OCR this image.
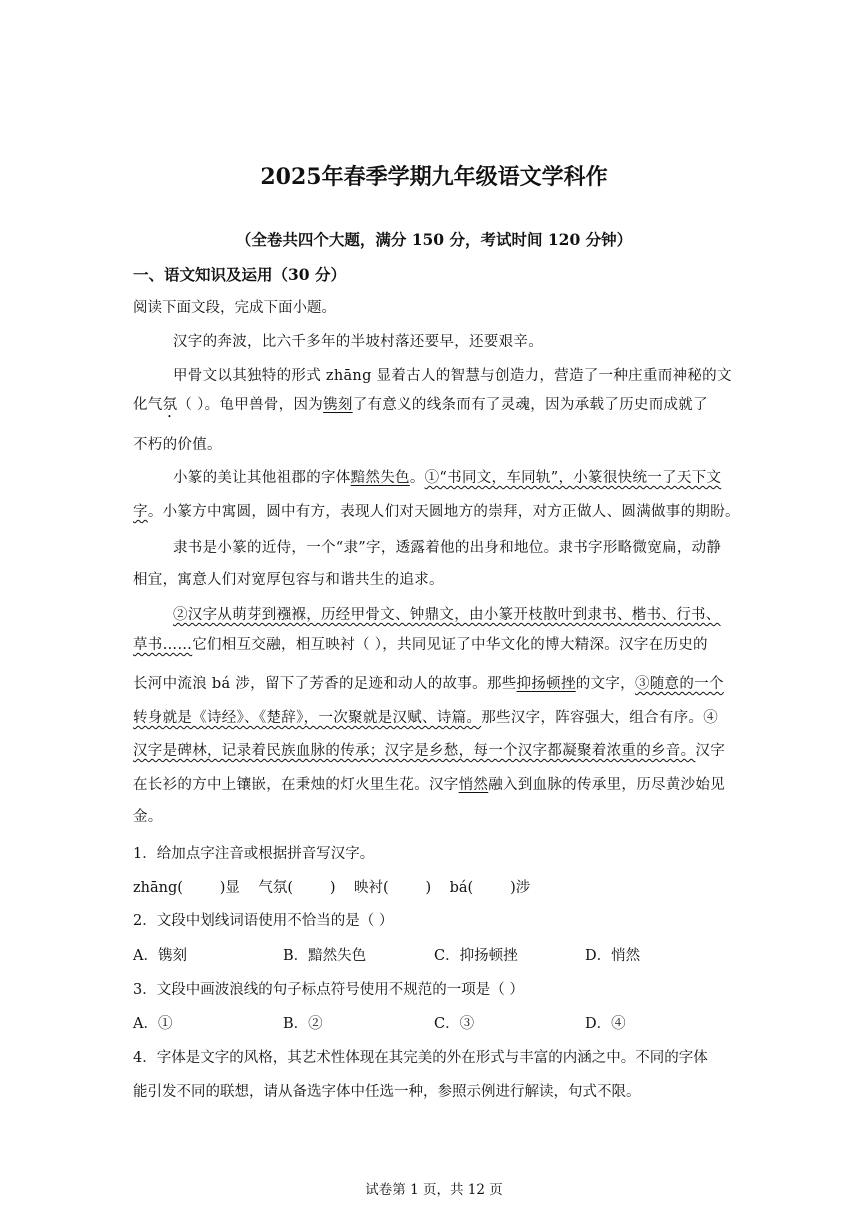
2025年春季学期九年级语文学科作
（全卷共四个大题，满分 150 分，考试时间 120 分钟）
一、语文知识及运用（30 分）
阅读下面文段，完成下面小题。
汉字的奔波，比六千多年的半坡村落还要早，还要艰辛。
甲骨文以其独特的形式 zhāng 显着古人的智慧与创造力，营造了一种庄重而神秘的文
化气氛（ ）。龟甲兽骨，因为镌刻了有意义的线条而有了灵魂，因为承载了历史而成就了
不朽的价值。
小篆的美让其他祖郡的字体黯然失色。①“书同文，车同轨”，小篆很快统一了天下文
字。小篆方中寓圆，圆中有方，表现人们对天圆地方的崇拜，对方正做人、圆满做事的期盼。
隶书是小篆的近侍，一个“隶”字，透露着他的出身和地位。隶书字形略微宽扁，动静
相宜，寓意人们对宽厚包容与和谐共生的追求。
②汉字从萌芽到襁褓，历经甲骨文、钟鼎文，由小篆开枝散叶到隶书、楷书、行书、
草书……它们相互交融，相互映衬（ ），共同见证了中华文化的博大精深。汉字在历史的
长河中流浪 bá 涉，留下了芳香的足迹和动人的故事。那些抑扬顿挫的文字，③随意的一个
转身就是《诗经》、《楚辞》，一次聚就是汉赋、诗篇。那些汉字，阵容强大，组合有序。④
汉字是碑林，记录着民族血脉的传承；汉字是乡愁，每一个汉字都凝聚着浓重的乡音。汉字
在长衫的方中上镶嵌，在秉烛的灯火里生花。汉字悄然融入到血脉的传承里，历尽黄沙始见
金。
1．给加点字注音或根据拼音写汉字。
zhāng(        )显    气氛(        )    映衬(        )    bá(        )涉
2．文段中划线词语使用不恰当的是（ ）
A．镌刻	B．黯然失色	C．抑扬顿挫	D．悄然
3．文段中画波浪线的句子标点符号使用不规范的一项是（ ）
A．①	B．②	C．③	D．④
4．字体是文字的风格，其艺术性体现在其完美的外在形式与丰富的内涵之中。不同的字体
能引发不同的联想，请从备选字体中任选一种，参照示例进行解读，句式不限。
试卷第 1 页，共 12 页
